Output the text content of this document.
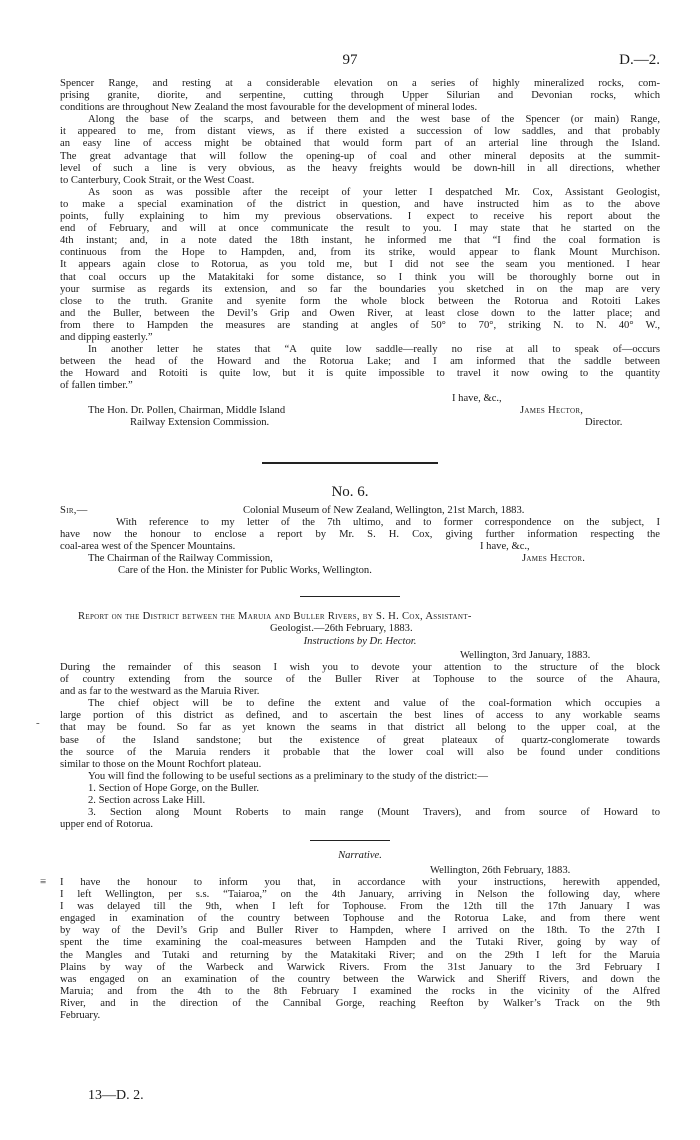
97	D.—2.
Spencer Range, and resting at a considerable elevation on a series of highly mineralized rocks, com-
prising granite, diorite, and serpentine, cutting through Upper Silurian and Devonian rocks, which
conditions are throughout New Zealand the most favourable for the development of mineral lodes.
Along the base of the scarps, and between them and the west base of the Spencer (or main) Range,
it appeared to me, from distant views, as if there existed a succession of low saddles, and that probably
an easy line of access might be obtained that would form part of an arterial line through the Island.
The great advantage that will follow the opening-up of coal and other mineral deposits at the summit-
level of such a line is very obvious, as the heavy freights would be down-hill in all directions, whether
to Canterbury, Cook Strait, or the West Coast.
As soon as was possible after the receipt of your letter I despatched Mr. Cox, Assistant Geologist,
to make a special examination of the district in question, and have instructed him as to the above
points, fully explaining to him my previous observations. I expect to receive his report about the
end of February, and will at once communicate the result to you. I may state that he started on the
4th instant; and, in a note dated the 18th instant, he informed me that “I find the coal formation is
continuous from the Hope to Hampden, and, from its strike, would appear to flank Mount Murchison.
It appears again close to Rotorua, as you told me, but I did not see the seam you mentioned. I hear
that coal occurs up the Matakitaki for some distance, so I think you will be thoroughly borne out in
your surmise as regards its extension, and so far the boundaries you sketched in on the map are very
close to the truth. Granite and syenite form the whole block between the Rotorua and Rotoiti Lakes
and the Buller, between the Devil’s Grip and Owen River, at least close down to the latter place; and
from there to Hampden the measures are standing at angles of 50° to 70°, striking N. to N. 40° W.,
and dipping easterly.”
In another letter he states that “A quite low saddle—really no rise at all to speak of—occurs
between the head of the Howard and the Rotorua Lake; and I am informed that the saddle between
the Howard and Rotoiti is quite low, but it is quite impossible to travel it now owing to the quantity
of fallen timber.”
I have, &c.,
The Hon. Dr. Pollen, Chairman, Middle Island	James Hector,
Railway Extension Commission.	Director.
No. 6.
Sir,—	Colonial Museum of New Zealand, Wellington, 21st March, 1883.
With reference to my letter of the 7th ultimo, and to former correspondence on the subject, I
have now the honour to enclose a report by Mr. S. H. Cox, giving further information respecting the
coal-area west of the Spencer Mountains.	I have, &c.,
The Chairman of the Railway Commission,	James Hector.
Care of the Hon. the Minister for Public Works, Wellington.
Report on the District between the Maruia and Buller Rivers, by S. H. Cox, Assistant-
Geologist.—26th February, 1883.
Instructions by Dr. Hector.
Wellington, 3rd January, 1883.
During the remainder of this season I wish you to devote your attention to the structure of the block
of country extending from the source of the Buller River at Tophouse to the source of the Ahaura,
and as far to the westward as the Maruia River.
The chief object will be to define the extent and value of the coal-formation which occupies a
large portion of this district as defined, and to ascertain the best lines of access to any workable seams
that may be found. So far as yet known the seams in that district all belong to the upper coal, at the
base of the Island sandstone; but the existence of great plateaux of quartz-conglomerate towards
the source of the Maruia renders it probable that the lower coal will also be found under conditions
similar to those on the Mount Rochfort plateau.
You will find the following to be useful sections as a preliminary to the study of the district:—
1. Section of Hope Gorge, on the Buller.
2. Section across Lake Hill.
3. Section along Mount Roberts to main range (Mount Travers), and from source of Howard to
upper end of Rotorua.
-
Narrative.
Wellington, 26th February, 1883.
I have the honour to inform you that, in accordance with your instructions, herewith appended,
I left Wellington, per s.s. “Taiaroa,” on the 4th January, arriving in Nelson the following day, where
I was delayed till the 9th, when I left for Tophouse. From the 12th till the 17th January I was
engaged in examination of the country between Tophouse and the Rotorua Lake, and from there went
by way of the Devil’s Grip and Buller River to Hampden, where I arrived on the 18th. To the 27th I
spent the time examining the coal-measures between Hampden and the Tutaki River, going by way of
the Mangles and Tutaki and returning by the Matakitaki River; and on the 29th I left for the Maruia
Plains by way of the Warbeck and Warwick Rivers. From the 31st January to the 3rd February I
was engaged on an examination of the country between the Warwick and Sheriff Rivers, and down the
Maruia; and from the 4th to the 8th February I examined the rocks in the vicinity of the Alfred
River, and in the direction of the Cannibal Gorge, reaching Reefton by Walker’s Track on the 9th
February.
≡
13—D. 2.
